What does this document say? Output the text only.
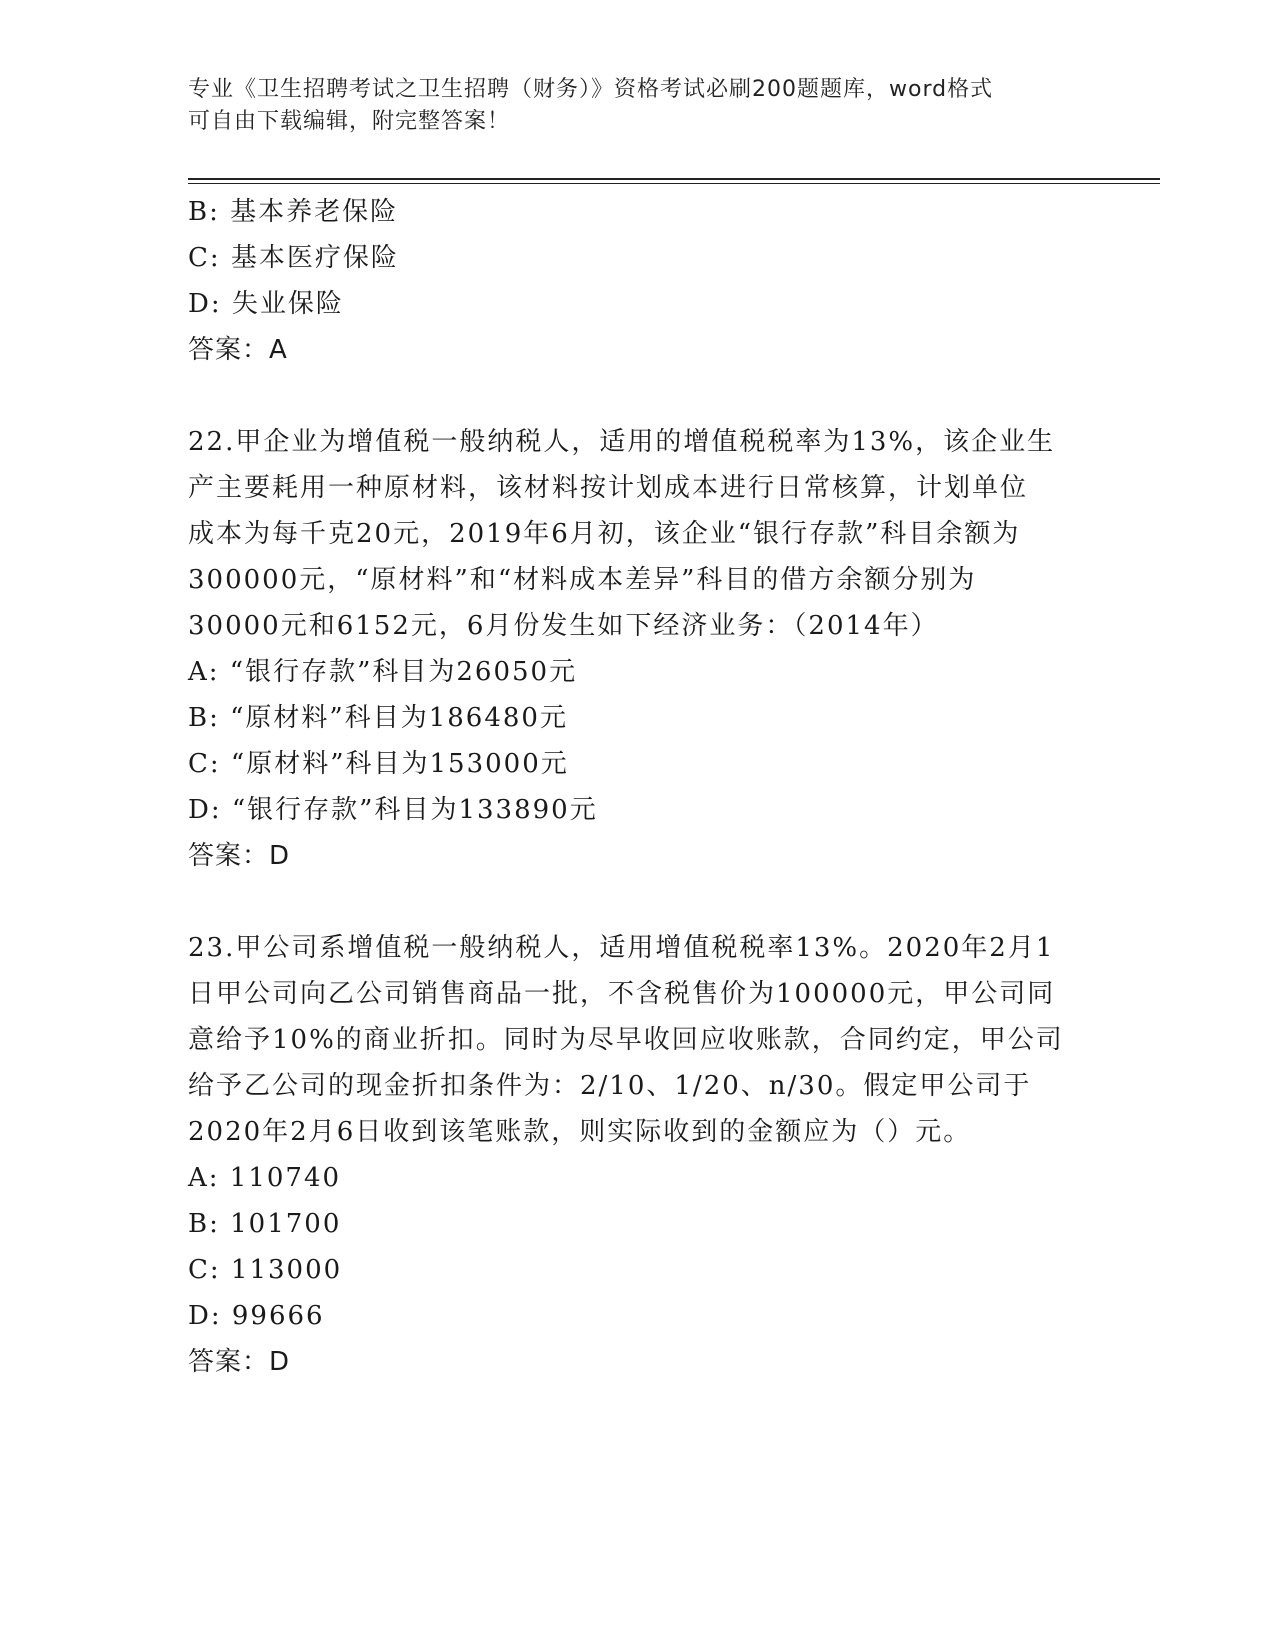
专业《卫生招聘考试之卫生招聘（财务）》资格考试必刷200题题库，word格式
可自由下载编辑，附完整答案！
B: 基本养老保险
C: 基本医疗保险
D: 失业保险
答案：A
22.甲企业为增值税一般纳税人，适用的增值税税率为13%，该企业生
产主要耗用一种原材料，该材料按计划成本进行日常核算，计划单位
成本为每千克20元，2019年6月初，该企业“银行存款”科目余额为
300000元，“原材料”和“材料成本差异”科目的借方余额分别为
30000元和6152元，6月份发生如下经济业务：（2014年）
A: “银行存款”科目为26050元
B: “原材料”科目为186480元
C: “原材料”科目为153000元
D: “银行存款”科目为133890元
答案：D
23.甲公司系增值税一般纳税人，适用增值税税率13%。2020年2月1
日甲公司向乙公司销售商品一批，不含税售价为100000元，甲公司同
意给予10%的商业折扣。同时为尽早收回应收账款，合同约定，甲公司
给予乙公司的现金折扣条件为：2/10、1/20、n/30。假定甲公司于
2020年2月6日收到该笔账款，则实际收到的金额应为（）元。
A: 110740
B: 101700
C: 113000
D: 99666
答案：D
